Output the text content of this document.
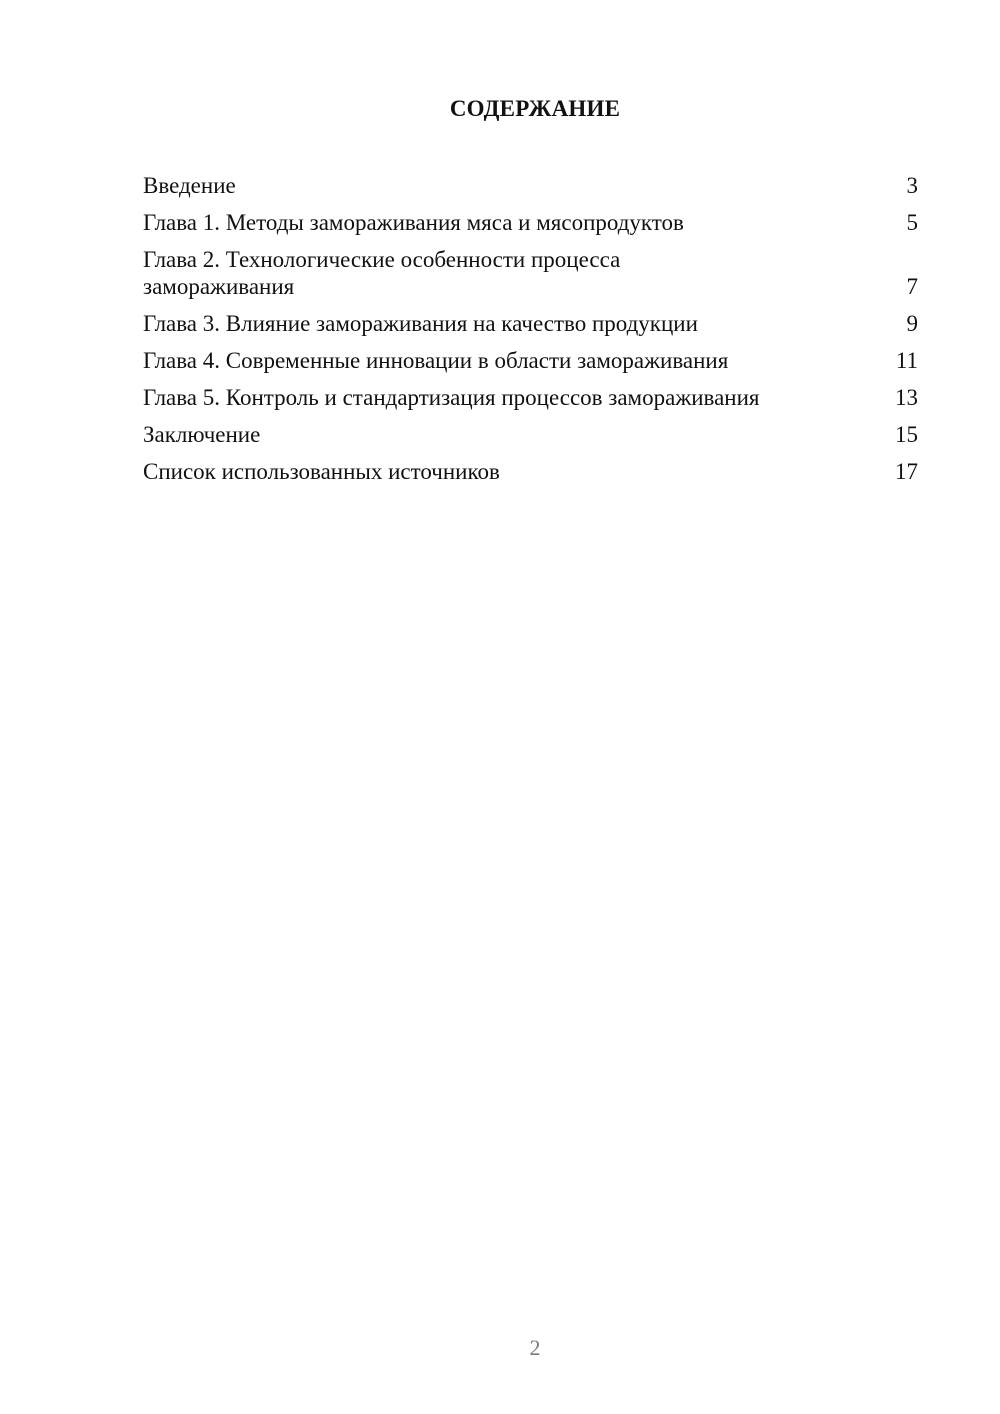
СОДЕРЖАНИЕ
Введение	3
Глава 1. Методы замораживания мяса и мясопродуктов	5
Глава 2. Технологические особенности процесса замораживания	7
Глава 3. Влияние замораживания на качество продукции	9
Глава 4. Современные инновации в области замораживания	11
Глава 5. Контроль и стандартизация процессов замораживания	13
Заключение	15
Список использованных источников	17
2
